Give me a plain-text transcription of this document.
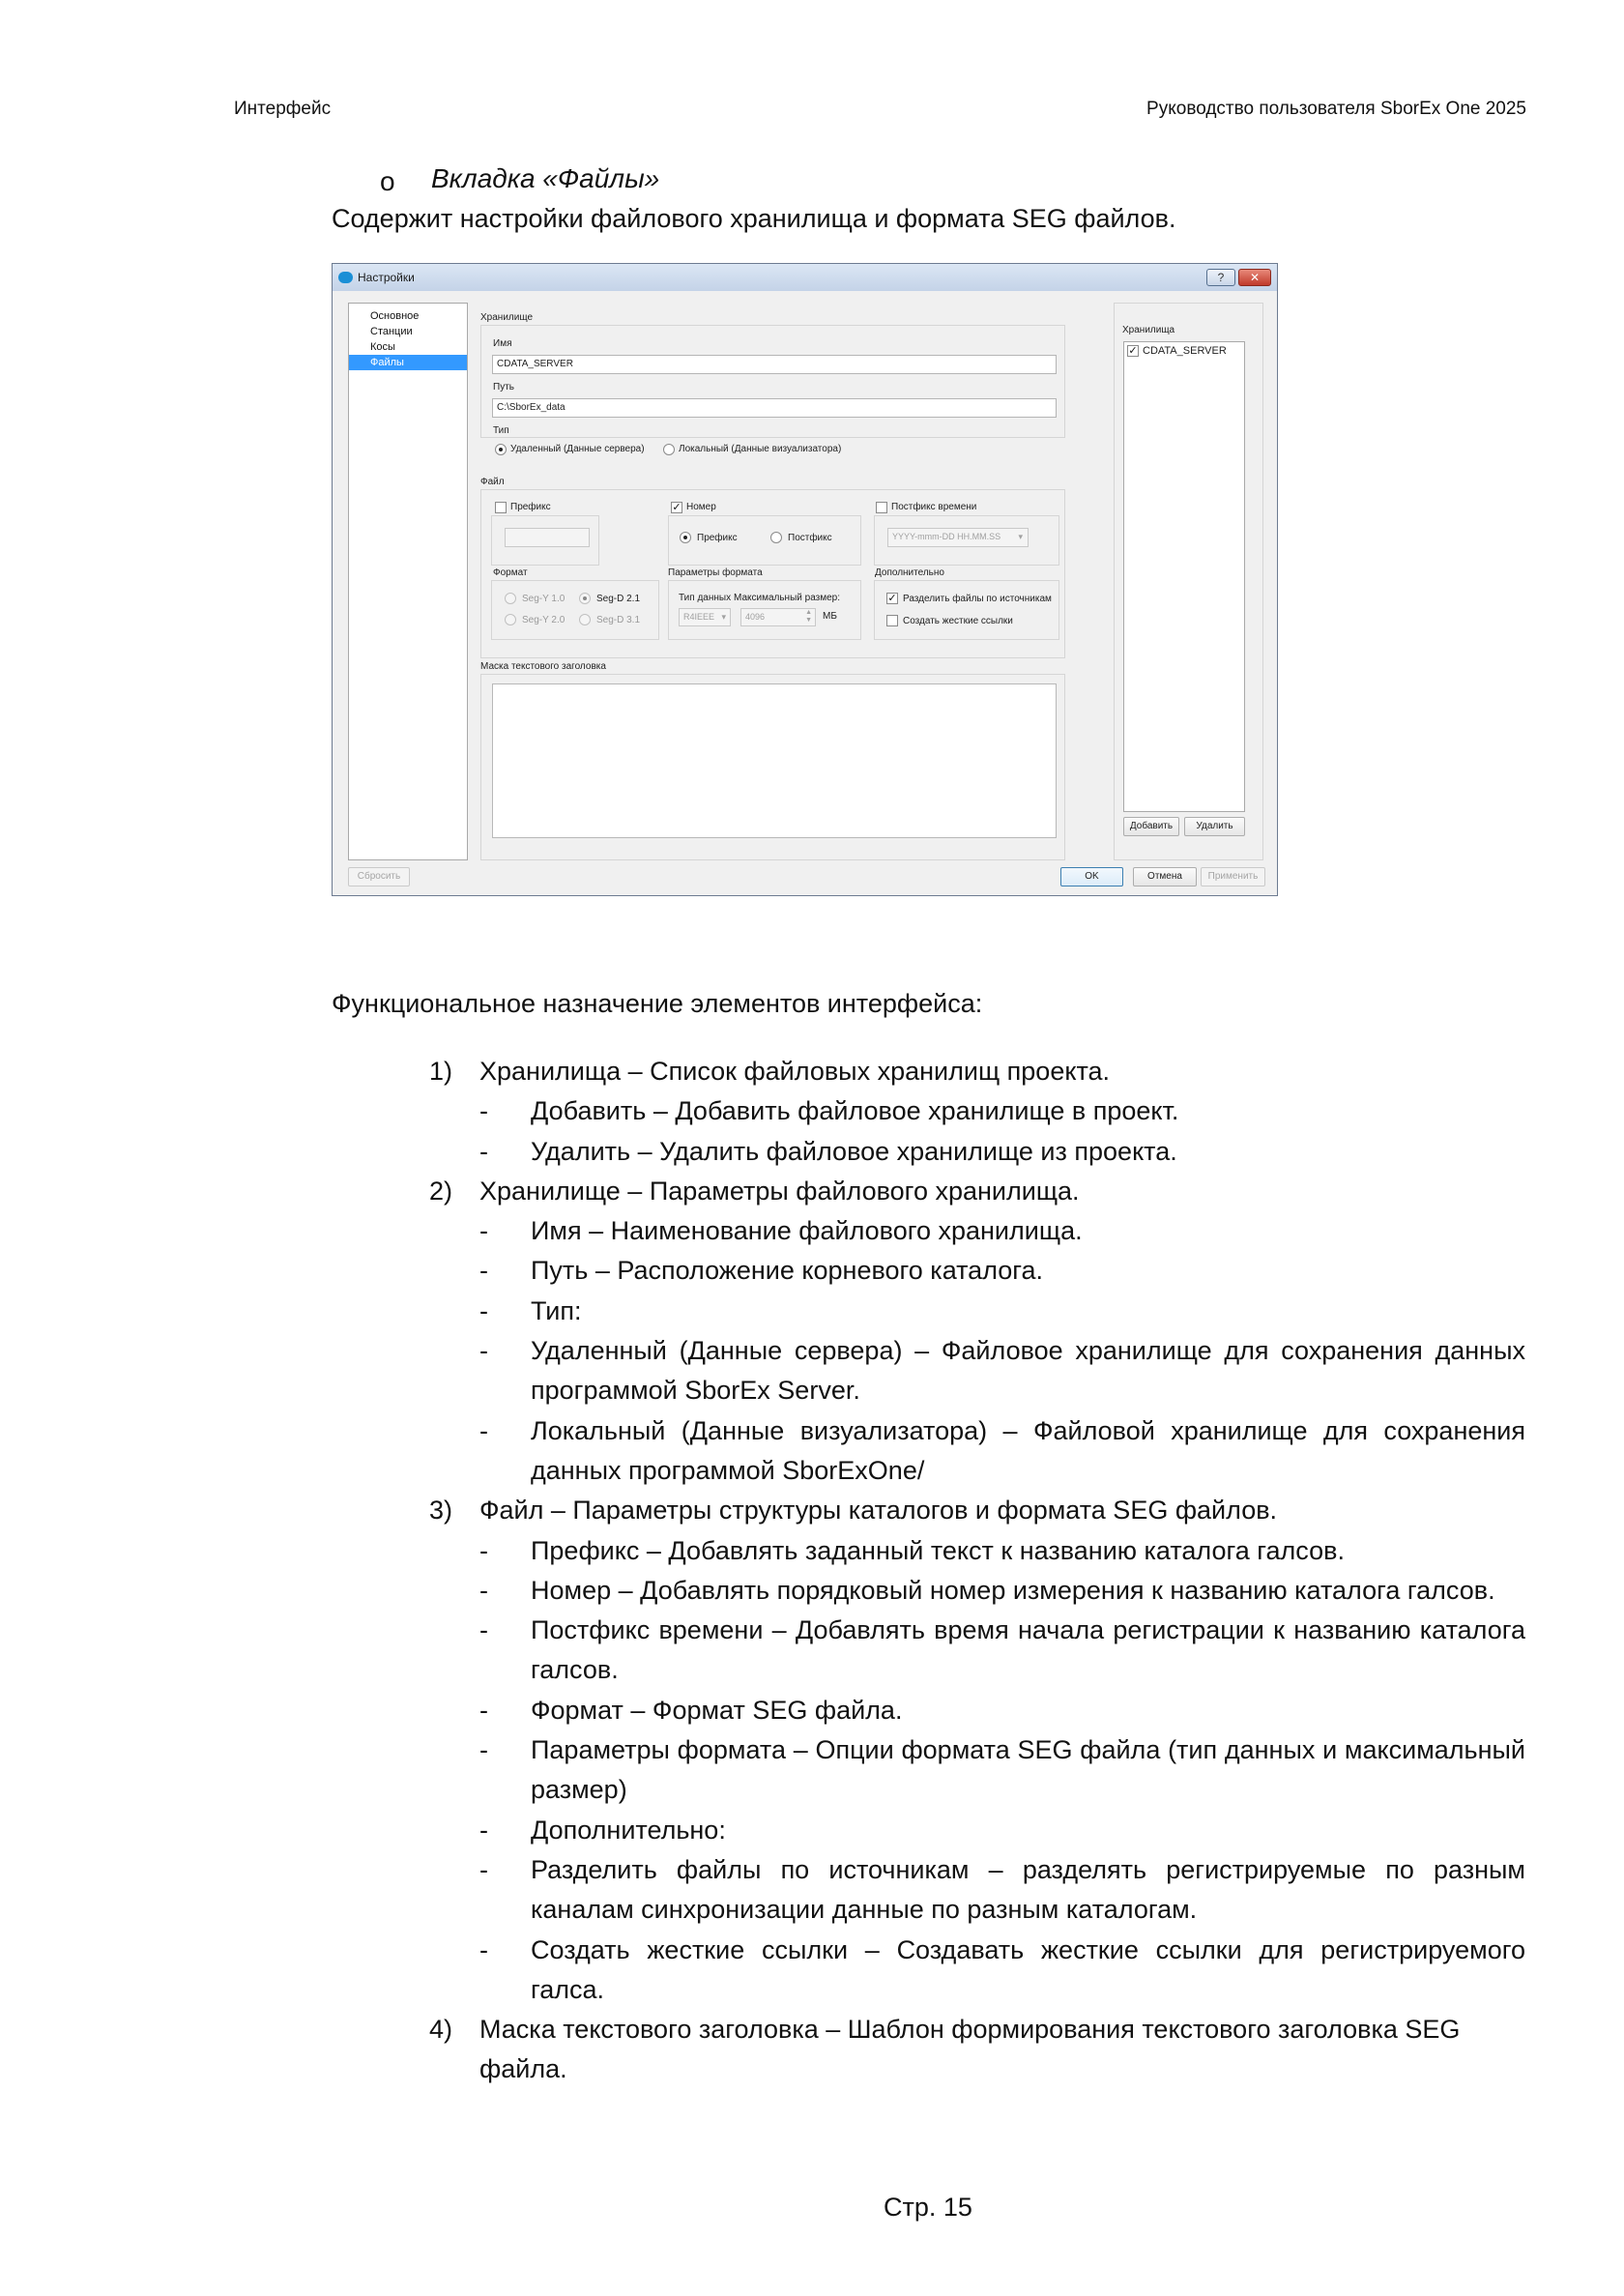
Интерфейс	Руководство пользователя SborEx One 2025
o Вкладка «Файлы»
Содержит настройки файлового хранилища и формата SEG файлов.
Настройки	?	✕
Основное
Станции
Косы
Файлы
Хранилище
Имя
CDATA_SERVER
Путь
C:\SborEx_data
Тип
Удаленный (Данные сервера)	Локальный (Данные визуализатора)
Файл
Префикс	✓ Номер
Префикс	Постфикс
Постфикс времени
YYYY-mmm-DD HH.MM.SS ▾
Формат
Seg-Y 1.0	Seg-D 2.1
Seg-Y 2.0	Seg-D 3.1
Параметры формата
Тип данных Максимальный размер:
R4IEEE ▾	4096	▲
▼ МБ
Дополнительно
✓ Разделить файлы по источникам
Создать жесткие ссылки
Маска текстового заголовка
Хранилища
✓ CDATA_SERVER
Добавить	Удалить
Сбросить	OK	Отмена	Применить
Функциональное назначение элементов интерфейса:
1)	Хранилища – Список файловых хранилищ проекта.
-	Добавить – Добавить файловое хранилище в проект.
-	Удалить – Удалить файловое хранилище из проекта.
2)	Хранилище – Параметры файлового хранилища.
-	Имя – Наименование файлового хранилища.
-	Путь – Расположение корневого каталога.
-	Тип:
-	Удаленный (Данные сервера) – Файловое хранилище для сохранения данных программой SborEx Server.
-	Локальный (Данные визуализатора) – Файловой хранилище для сохранения данных программой SborExOne/
3)	Файл – Параметры структуры каталогов и формата SEG файлов.
-	Префикс – Добавлять заданный текст к названию каталога галсов.
-	Номер – Добавлять порядковый номер измерения к названию каталога галсов.
-	Постфикс времени – Добавлять время начала регистрации к названию каталога галсов.
-	Формат – Формат SEG файла.
-	Параметры формата – Опции формата SEG файла (тип данных и максимальный размер)
-	Дополнительно:
-	Разделить файлы по источникам – разделять регистрируемые по разным каналам синхронизации данные по разным каталогам.
-	Создать жесткие ссылки – Создавать жесткие ссылки для регистрируемого галса.
4)	Маска текстового заголовка – Шаблон формирования текстового заголовка SEG файла.
Стр. 15
